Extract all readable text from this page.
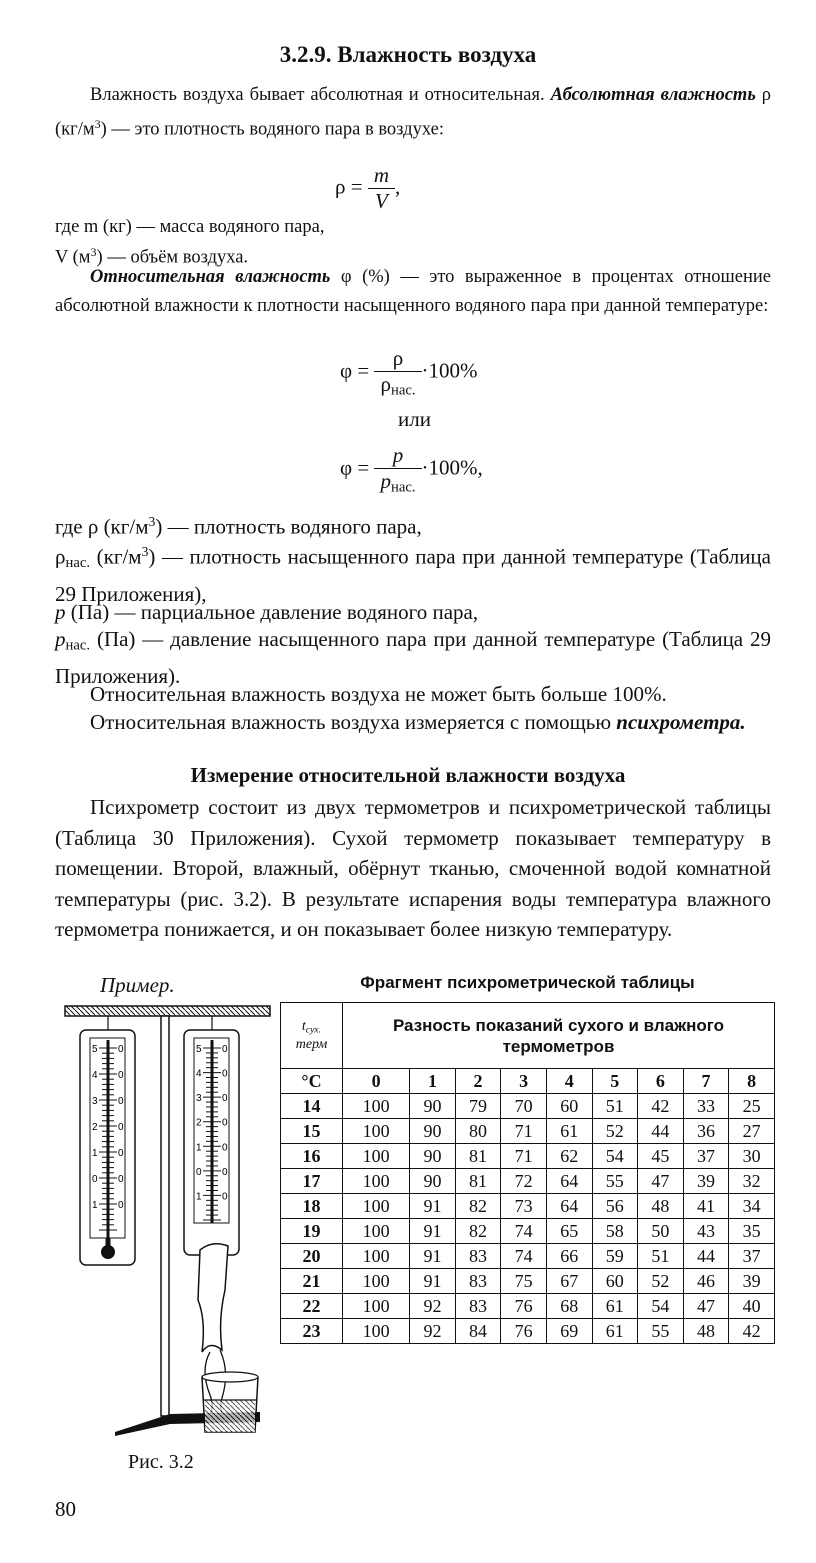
3.2.9. Влажность воздуха

Влажность воздуха бывает абсолютная и относительная. Абсолютная влажность ρ $(кг/м^3)$ — это плотность водяного пара в воздухе:

$\rho = \frac{m}{V}$ ,

где m (кг) — масса водяного пара,

V $(м^3)$ — объём воздуха.

Относительная влажность φ (%) — это выраженное в процентах отношение абсолютной влажности к плотности насыщенного водяного пара при данной температуре:

$\varphi = \frac{\rho}{\rho_{нас.}} \cdot 100\%$
или
$\varphi = \frac{p}{p_{нас.}} \cdot 100\%$,

где ρ $(кг/м^3)$ — плотность водяного пара,

$\rho_{нас.}$ $(кг/м^3)$ — плотность насыщенного пара при данной температуре (Таблица 29 Приложения),

p (Па) — парциальное давление водяного пара,

$p_{нас.}$ (Па) — давление насыщенного пара при данной температуре (Таблица 29 Приложения).

Относительная влажность воздуха не может быть больше 100%.

Относительная влажность воздуха измеряется с помощью психрометра.

Измерение относительной влажности воздуха

Психрометр состоит из двух термометров и психрометрической таблицы (Таблица 30 Приложения). Сухой термометр показывает температуру в помещении. Второй, влажный, обёрнут тканью, смоченной водой комнатной температуры (рис. 3.2). В результате испарения воды температура влажного термометра понижается, и он показывает более низкую температуру.

Пример.	Фрагмент психрометрической таблицы
5 0
4 0
3 0
2 0
1 0
0 0
1 0
5 0
4 0
3 0
2 0
1 0
0 0
1 0
$t_{сух.}$
терм	Разность показаний сухого и влажного термометров								
°C	0	1	2	3	4	5	6	7	8
14	100	90	79	70	60	51	42	33	25
15	100	90	80	71	61	52	44	36	27
16	100	90	81	71	62	54	45	37	30
17	100	90	81	72	64	55	47	39	32
18	100	91	82	73	64	56	48	41	34
19	100	91	82	74	65	58	50	43	35
20	100	91	83	74	66	59	51	44	37
21	100	91	83	75	67	60	52	46	39
22	100	92	83	76	68	61	54	47	40
23	100	92	84	76	69	61	55	48	42
Рис. 3.2
80
